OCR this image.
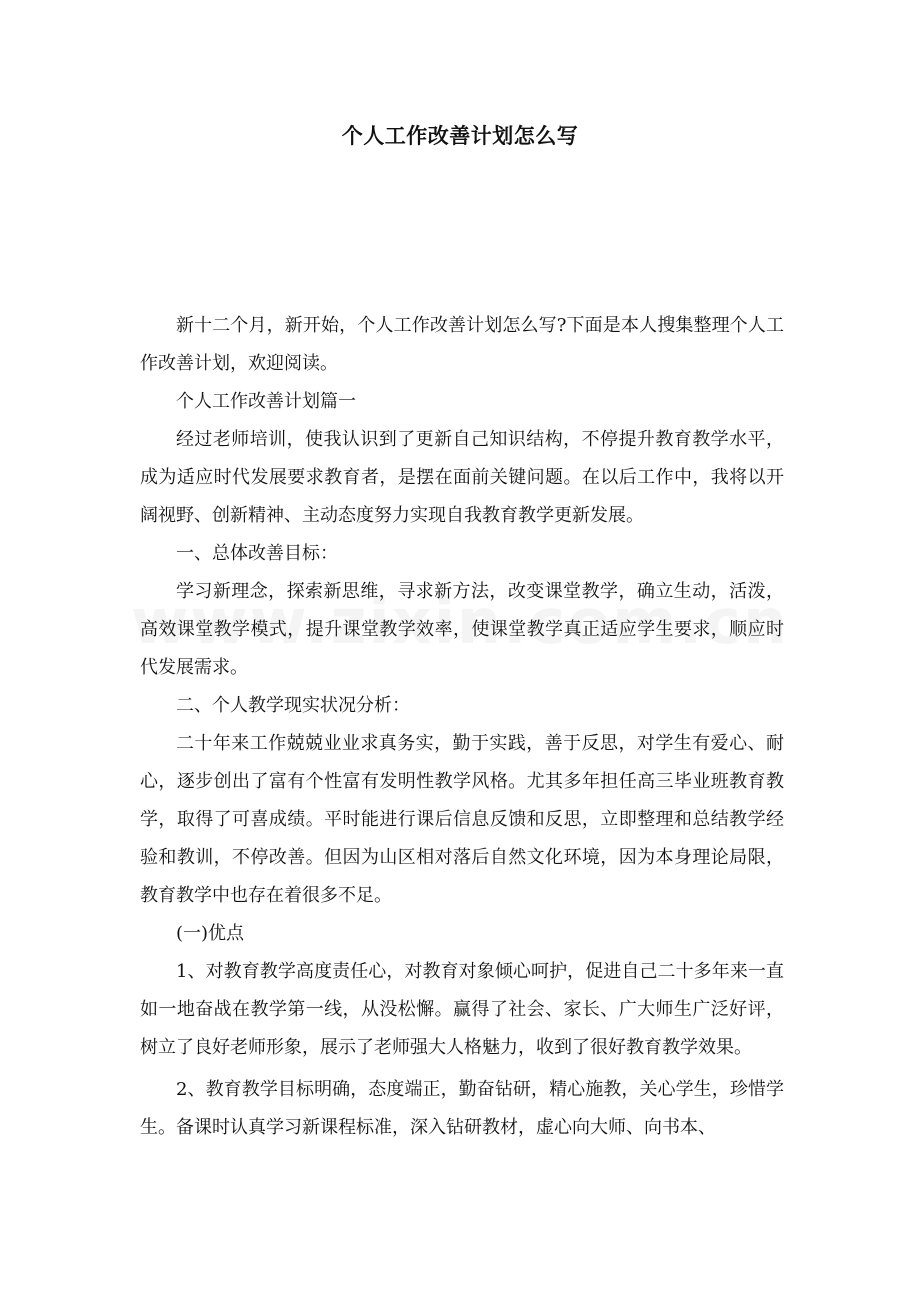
个人工作改善计划怎么写

新十二个月，新开始，个人工作改善计划怎么写?下面是本人搜集整理个人工作改善计划，欢迎阅读。

个人工作改善计划篇一

经过老师培训，使我认识到了更新自己知识结构，不停提升教育教学水平，成为适应时代发展要求教育者，是摆在面前关键问题。在以后工作中，我将以开阔视野、创新精神、主动态度努力实现自我教育教学更新发展。

一、总体改善目标：

学习新理念，探索新思维，寻求新方法，改变课堂教学，确立生动，活泼，高效课堂教学模式，提升课堂教学效率，使课堂教学真正适应学生要求，顺应时代发展需求。

二、个人教学现实状况分析：

二十年来工作兢兢业业求真务实，勤于实践，善于反思，对学生有爱心、耐心，逐步创出了富有个性富有发明性教学风格。尤其多年担任高三毕业班教育教学，取得了可喜成绩。平时能进行课后信息反馈和反思，立即整理和总结教学经验和教训，不停改善。但因为山区相对落后自然文化环境，因为本身理论局限，教育教学中也存在着很多不足。

(一)优点

1、对教育教学高度责任心，对教育对象倾心呵护，促进自己二十多年来一直如一地奋战在教学第一线，从没松懈。赢得了社会、家长、广大师生广泛好评，树立了良好老师形象，展示了老师强大人格魅力，收到了很好教育教学效果。

2、教育教学目标明确，态度端正，勤奋钻研，精心施教，关心学生，珍惜学生。备课时认真学习新课程标准，深入钻研教材，虚心向大师、向书本、
